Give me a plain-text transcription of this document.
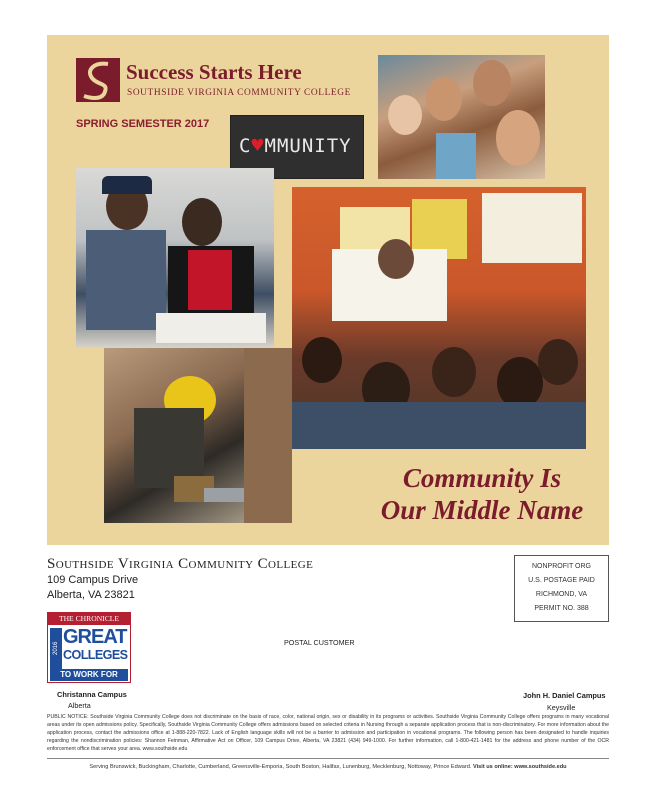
Success Starts Here
SOUTHSIDE VIRGINIA COMMUNITY COLLEGE
SPRING SEMESTER 2017
C♥MMUNITY
Community Is
Our Middle Name
Southside Virginia Community College
109 Campus Drive
Alberta, VA 23821
NONPROFIT ORG
U.S. POSTAGE PAID
RICHMOND, VA
PERMIT NO. 388
POSTAL CUSTOMER
THE CHRONICLE
2016
GREAT
COLLEGES
TO WORK FOR
Christanna Campus
Alberta
John H. Daniel Campus
Keysville
PUBLIC NOTICE: Southside Virginia Community College does not discriminate on the basis of race, color, national origin, sex or disability in its programs or activities. Southside Virginia Community College offers programs in many vocational areas under its open admissions policy. Specifically, Southside Virginia Community College offers admissions based on selected criteria in Nursing through a separate application process that is non-discriminatory. For more information about the application process, contact the admissions office at 1-888-220-7822. Lack of English language skills will not be a barrier to admission and participation in vocational programs. The following person has been designated to handle inquiries regarding the nondiscrimination policies: Shannon Feinman, Affirmative Act on Officer, 109 Campus Drive, Alberta, VA 23821 (434) 949-1000. For further information, call 1-800-421-1481 for the address and phone number of the OCR enforcement office that serves your area. www.southside.edu
Serving Brunswick, Buckingham, Charlotte, Cumberland, Greensville-Emporia, South Boston, Halifax, Lunenburg, Mecklenburg, Nottoway, Prince Edward. Visit us online: www.southside.edu
